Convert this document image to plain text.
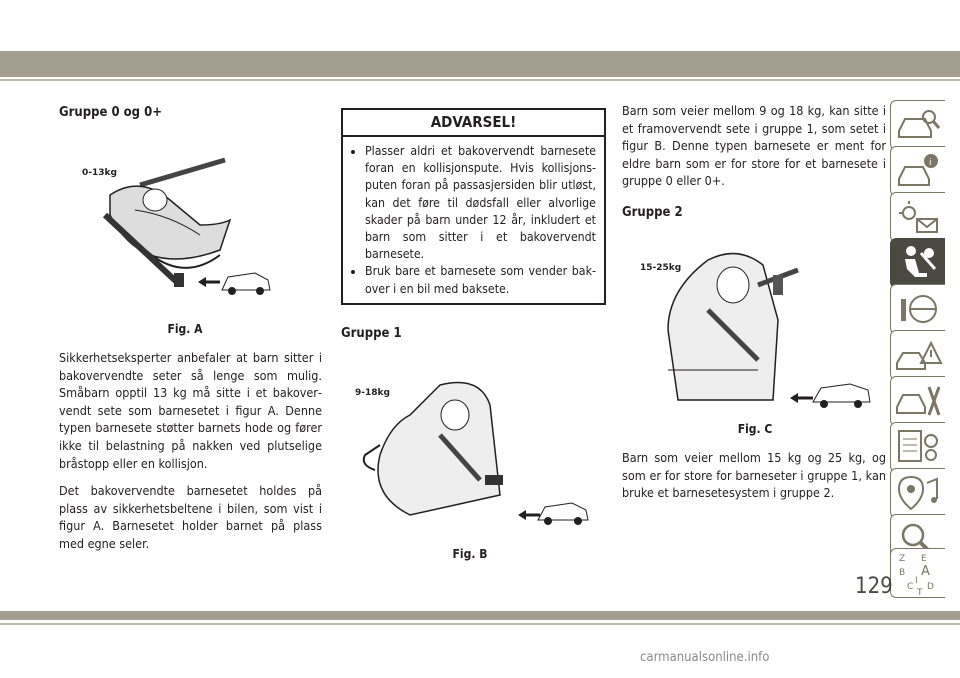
Gruppe 0 og 0+
0-13kg
Fig. A

Sikkerhetseksperter anbefaler at barn sitter i bakovervendte seter så lenge som mulig. Småbarn opptil 13 kg må sitte i et bakovervendt sete som barnesetet i figur A. Denne typen barnesete støtter barnets hode og fører ikke til belastning på nakken ved plutselige bråstopp eller en kollisjon.

Det bakovervendte barnesetet holdes på plass av sikkerhetsbeltene i bilen, som vist i figur A. Barnesetet holder barnet på plass med egne seler.

ADVARSEL!
• Plasser aldri et bakovervendt barnesete foran en kollisjonspute. Hvis kollisjonsputen foran på passasjersiden blir utløst, kan det føre til dødsfall eller alvorlige skader på barn under 12 år, inkludert et barn som sitter i et bakovervendt barnesete.
• Bruk bare et barnesete som vender bakover i en bil med baksete.
Gruppe 1
9-18kg
Fig. B

Barn som veier mellom 9 og 18 kg, kan sitte i et framovervendt sete i gruppe 1, som setet i figur B. Denne typen barnesete er ment for eldre barn som er for store for et barnesete i gruppe 0 eller 0+.

Gruppe 2
15-25kg
Fig. C

Barn som veier mellom 15 kg og 25 kg, og som er for store for barneseter i gruppe 1, kan bruke et barnesetesystem i gruppe 2.

i
Z E
B A
C D
I
T
129
carmanualsonline.info
